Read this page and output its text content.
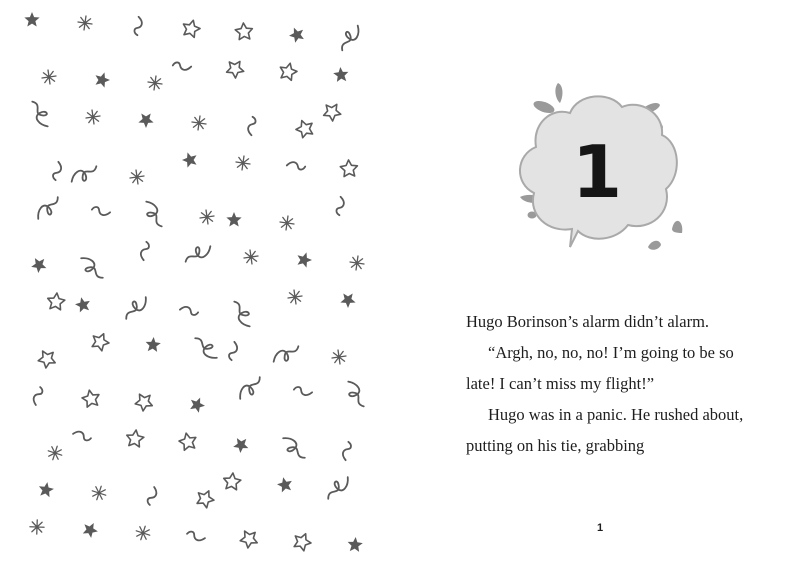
1

Hugo Borinson’s alarm didn’t alarm.

“Argh, no, no, no! I’m going to be so late! I can’t miss my flight!”

Hugo was in a panic. He rushed about, putting on his tie, grabbing

1
